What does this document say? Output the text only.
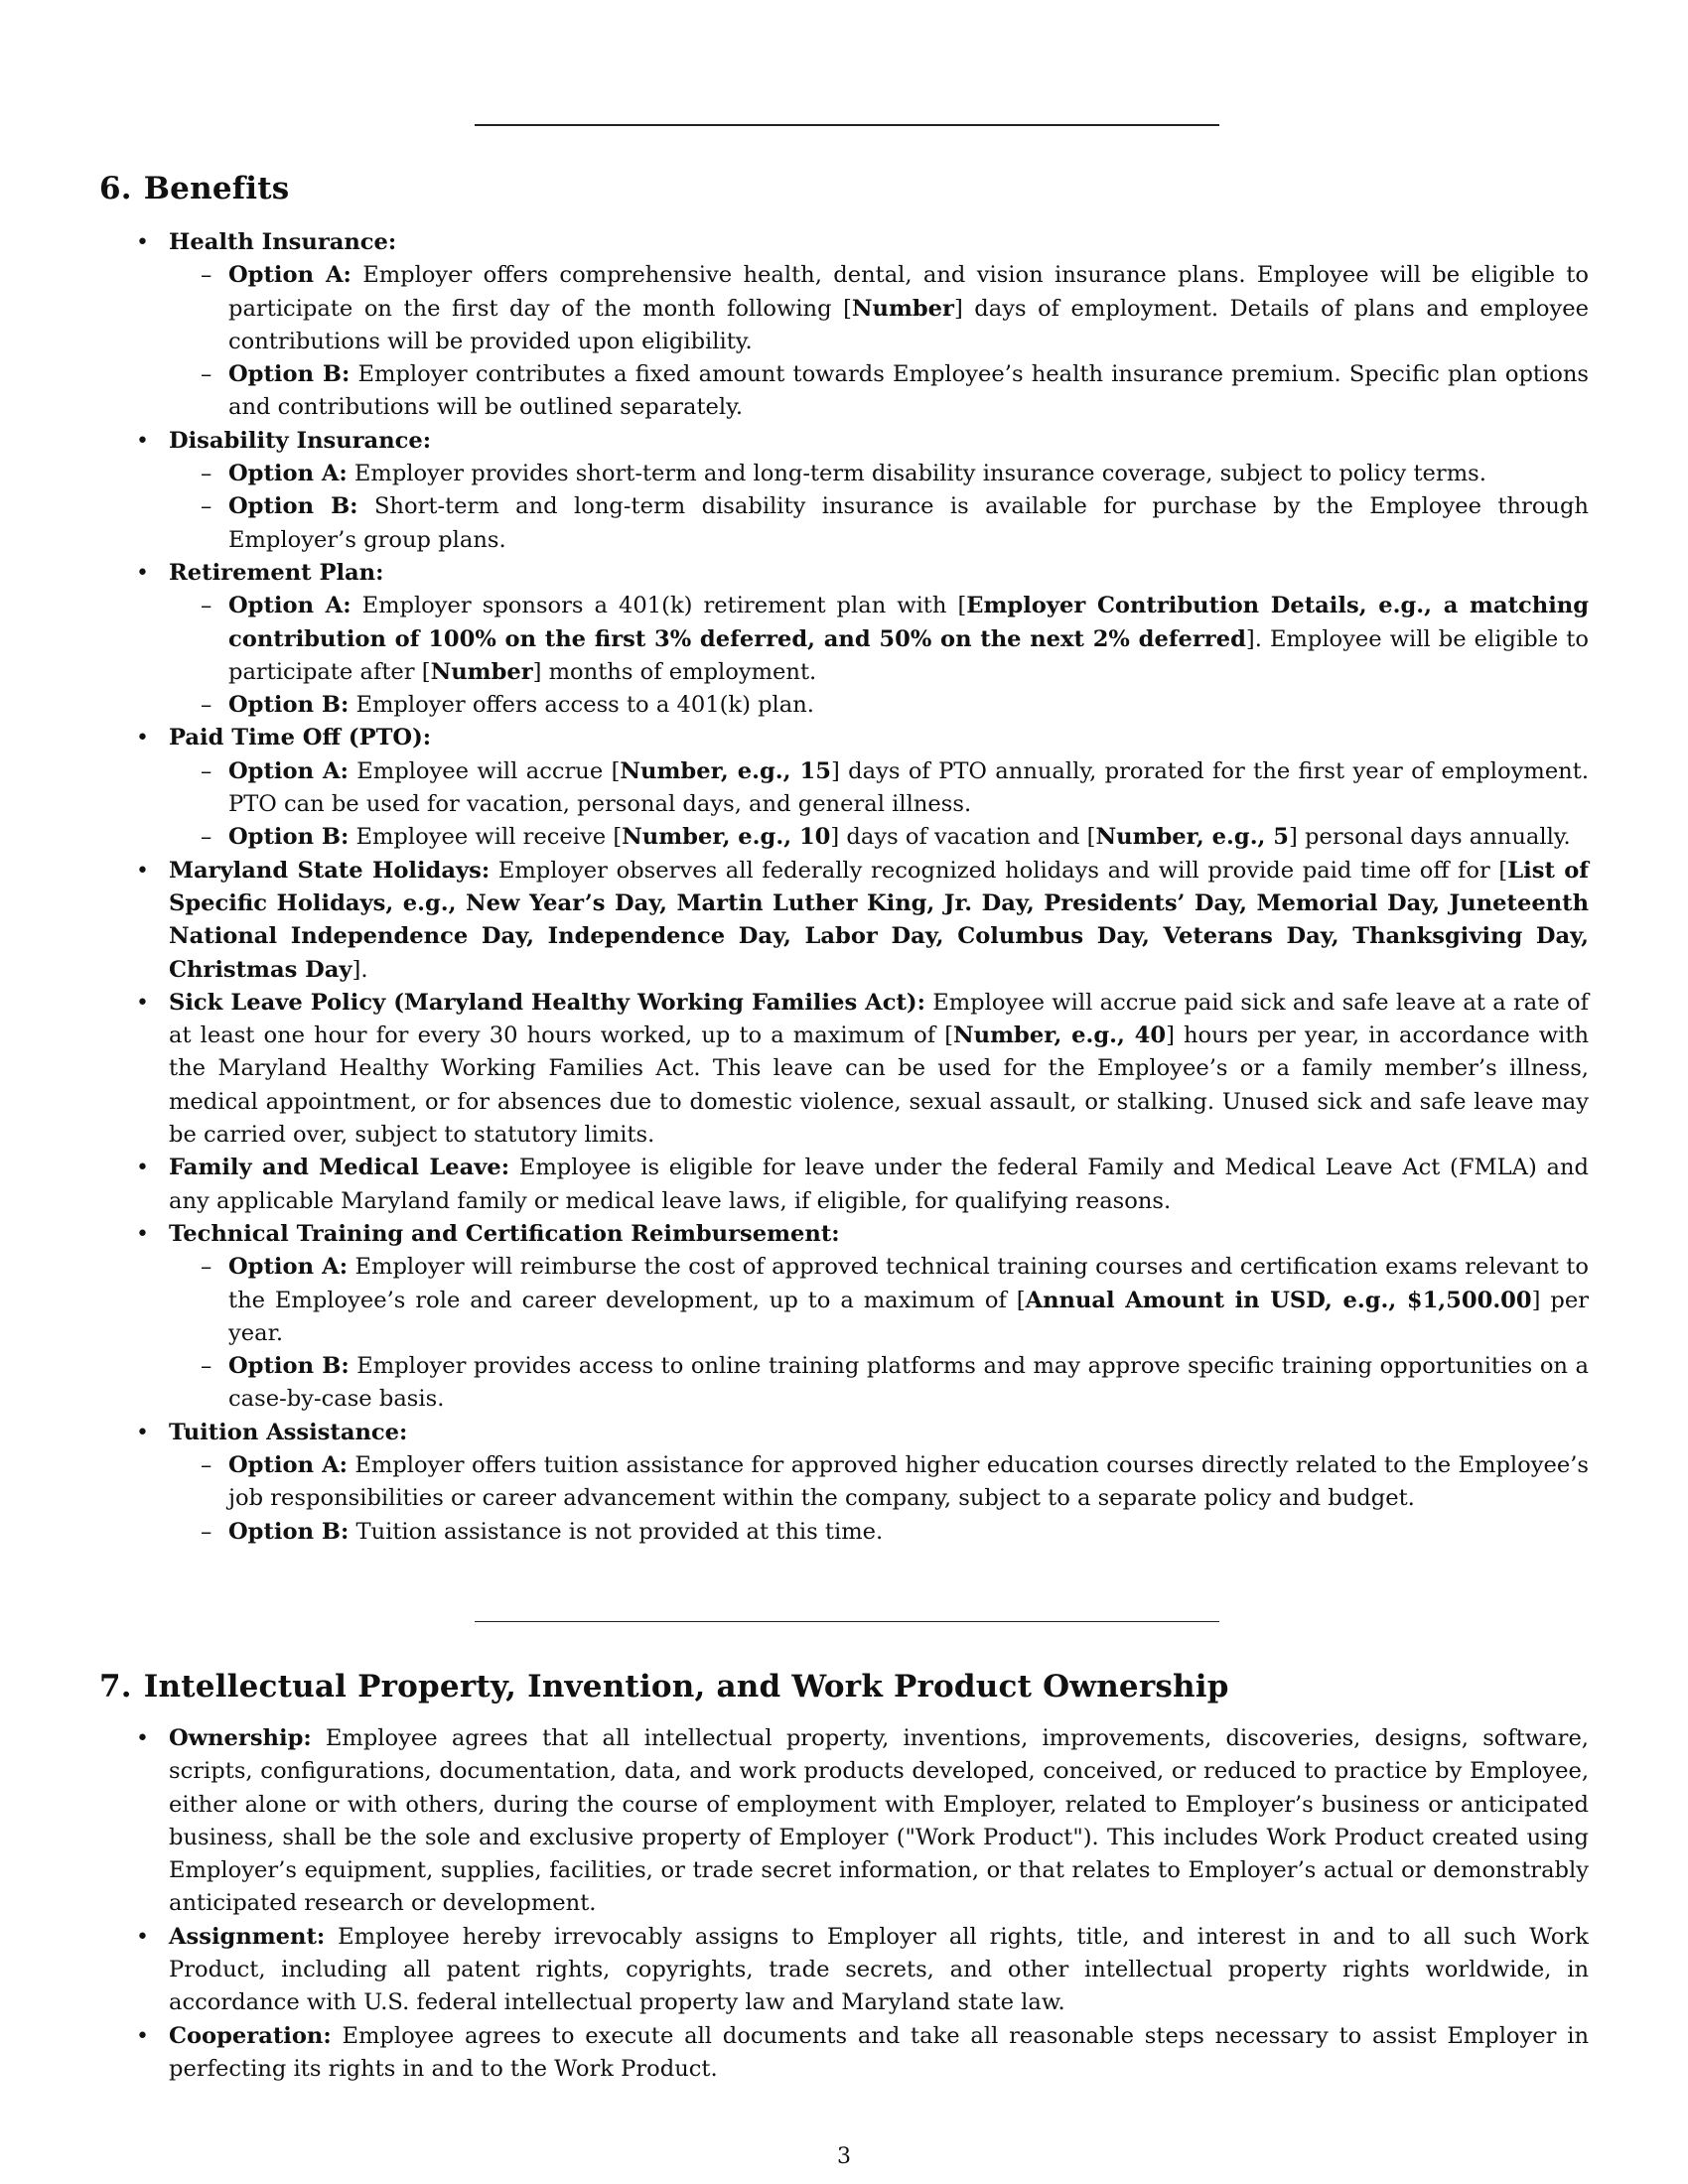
6. Benefits
• Health Insurance:
– Option A: Employer offers comprehensive health, dental, and vision insurance plans. Employee will be eligible to participate on the first day of the month following [Number] days of employment. Details of plans and employee contributions will be provided upon eligibility.
– Option B: Employer contributes a fixed amount towards Employee’s health insurance premium. Specific plan options and contributions will be outlined separately.
• Disability Insurance:
– Option A: Employer provides short-term and long-term disability insurance coverage, subject to policy terms.
– Option B: Short-term and long-term disability insurance is available for purchase by the Employee through Employer’s group plans.
• Retirement Plan:
– Option A: Employer sponsors a 401(k) retirement plan with [Employer Contribution Details, e.g., a matching contribution of 100% on the first 3% deferred, and 50% on the next 2% deferred]. Employee will be eligible to participate after [Number] months of employment.
– Option B: Employer offers access to a 401(k) plan.
• Paid Time Off (PTO):
– Option A: Employee will accrue [Number, e.g., 15] days of PTO annually, prorated for the first year of employment. PTO can be used for vacation, personal days, and general illness.
– Option B: Employee will receive [Number, e.g., 10] days of vacation and [Number, e.g., 5] personal days annually.
• Maryland State Holidays: Employer observes all federally recognized holidays and will provide paid time off for [List of Specific Holidays, e.g., New Year’s Day, Martin Luther King, Jr. Day, Presidents’ Day, Memorial Day, Juneteenth National Independence Day, Independence Day, Labor Day, Columbus Day, Veterans Day, Thanksgiving Day, Christmas Day].
• Sick Leave Policy (Maryland Healthy Working Families Act): Employee will accrue paid sick and safe leave at a rate of at least one hour for every 30 hours worked, up to a maximum of [Number, e.g., 40] hours per year, in accordance with the Maryland Healthy Working Families Act. This leave can be used for the Employee’s or a family member’s illness, medical appointment, or for absences due to domestic violence, sexual assault, or stalking. Unused sick and safe leave may be carried over, subject to statutory limits.
• Family and Medical Leave: Employee is eligible for leave under the federal Family and Medical Leave Act (FMLA) and any applicable Maryland family or medical leave laws, if eligible, for qualifying reasons.
• Technical Training and Certification Reimbursement:
– Option A: Employer will reimburse the cost of approved technical training courses and certification exams relevant to the Employee’s role and career development, up to a maximum of [Annual Amount in USD, e.g., $1,500.00] per year.
– Option B: Employer provides access to online training platforms and may approve specific training opportunities on a case-by-case basis.
• Tuition Assistance:
– Option A: Employer offers tuition assistance for approved higher education courses directly related to the Employee’s job responsibilities or career advancement within the company, subject to a separate policy and budget.
– Option B: Tuition assistance is not provided at this time.
7. Intellectual Property, Invention, and Work Product Ownership
• Ownership: Employee agrees that all intellectual property, inventions, improvements, discoveries, designs, software, scripts, configurations, documentation, data, and work products developed, conceived, or reduced to practice by Employee, either alone or with others, during the course of employment with Employer, related to Employer’s business or anticipated business, shall be the sole and exclusive property of Employer ("Work Product"). This includes Work Product created using Employer’s equipment, supplies, facilities, or trade secret information, or that relates to Employer’s actual or demonstrably anticipated research or development.
• Assignment: Employee hereby irrevocably assigns to Employer all rights, title, and interest in and to all such Work Product, including all patent rights, copyrights, trade secrets, and other intellectual property rights worldwide, in accordance with U.S. federal intellectual property law and Maryland state law.
• Cooperation: Employee agrees to execute all documents and take all reasonable steps necessary to assist Employer in perfecting its rights in and to the Work Product.
3
